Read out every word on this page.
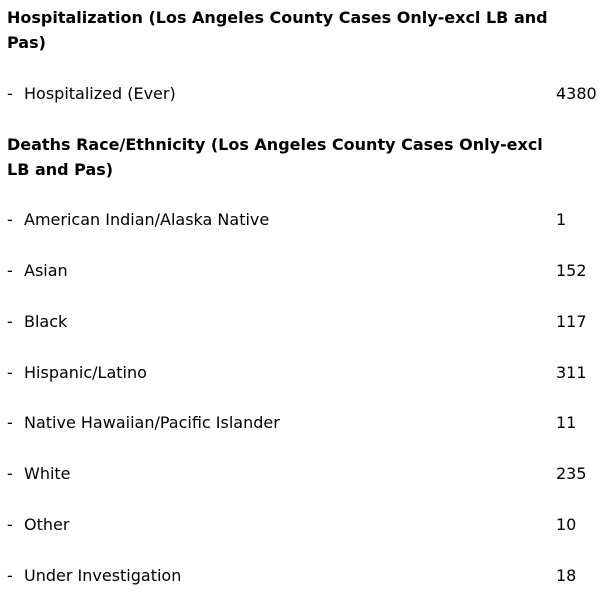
Hospitalization (Los Angeles County Cases Only-excl LB and Pas)
- Hospitalized (Ever)	4380
Deaths Race/Ethnicity (Los Angeles County Cases Only-excl LB and Pas)
- American Indian/Alaska Native	1
- Asian	152
- Black	117
- Hispanic/Latino	311
- Native Hawaiian/Pacific Islander	11
- White	235
- Other	10
- Under Investigation	18
